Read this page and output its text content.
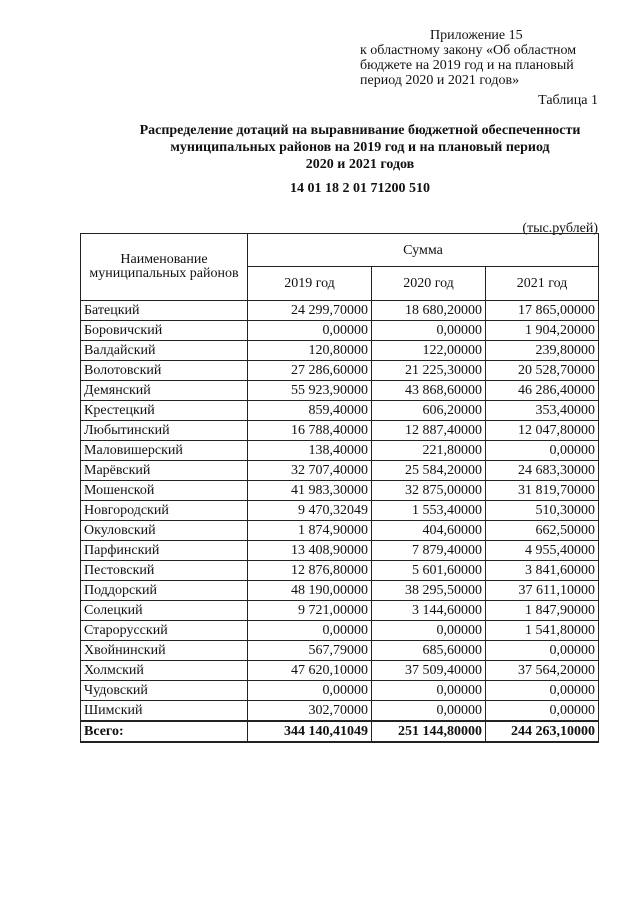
Приложение 15
к областному закону «Об областном
бюджете на 2019 год и на плановый
период 2020 и 2021 годов»
Таблица 1
Распределение дотаций на выравнивание бюджетной обеспеченности
муниципальных районов на 2019 год и на плановый период
2020 и 2021 годов
14 01 18 2 01 71200 510
(тыс.рублей)
Наименование муниципальных районов	Сумма		
	2019 год	2020 год	2021 год
Батецкий	24 299,70000	18 680,20000	17 865,00000
Боровичский	0,00000	0,00000	1 904,20000
Валдайский	120,80000	122,00000	239,80000
Волотовский	27 286,60000	21 225,30000	20 528,70000
Демянский	55 923,90000	43 868,60000	46 286,40000
Крестецкий	859,40000	606,20000	353,40000
Любытинский	16 788,40000	12 887,40000	12 047,80000
Маловишерский	138,40000	221,80000	0,00000
Марёвский	32 707,40000	25 584,20000	24 683,30000
Мошенской	41 983,30000	32 875,00000	31 819,70000
Новгородский	9 470,32049	1 553,40000	510,30000
Окуловский	1 874,90000	404,60000	662,50000
Парфинский	13 408,90000	7 879,40000	4 955,40000
Пестовский	12 876,80000	5 601,60000	3 841,60000
Поддорский	48 190,00000	38 295,50000	37 611,10000
Солецкий	9 721,00000	3 144,60000	1 847,90000
Старорусский	0,00000	0,00000	1 541,80000
Хвойнинский	567,79000	685,60000	0,00000
Холмский	47 620,10000	37 509,40000	37 564,20000
Чудовский	0,00000	0,00000	0,00000
Шимский	302,70000	0,00000	0,00000
Всего:	344 140,41049	251 144,80000	244 263,10000
